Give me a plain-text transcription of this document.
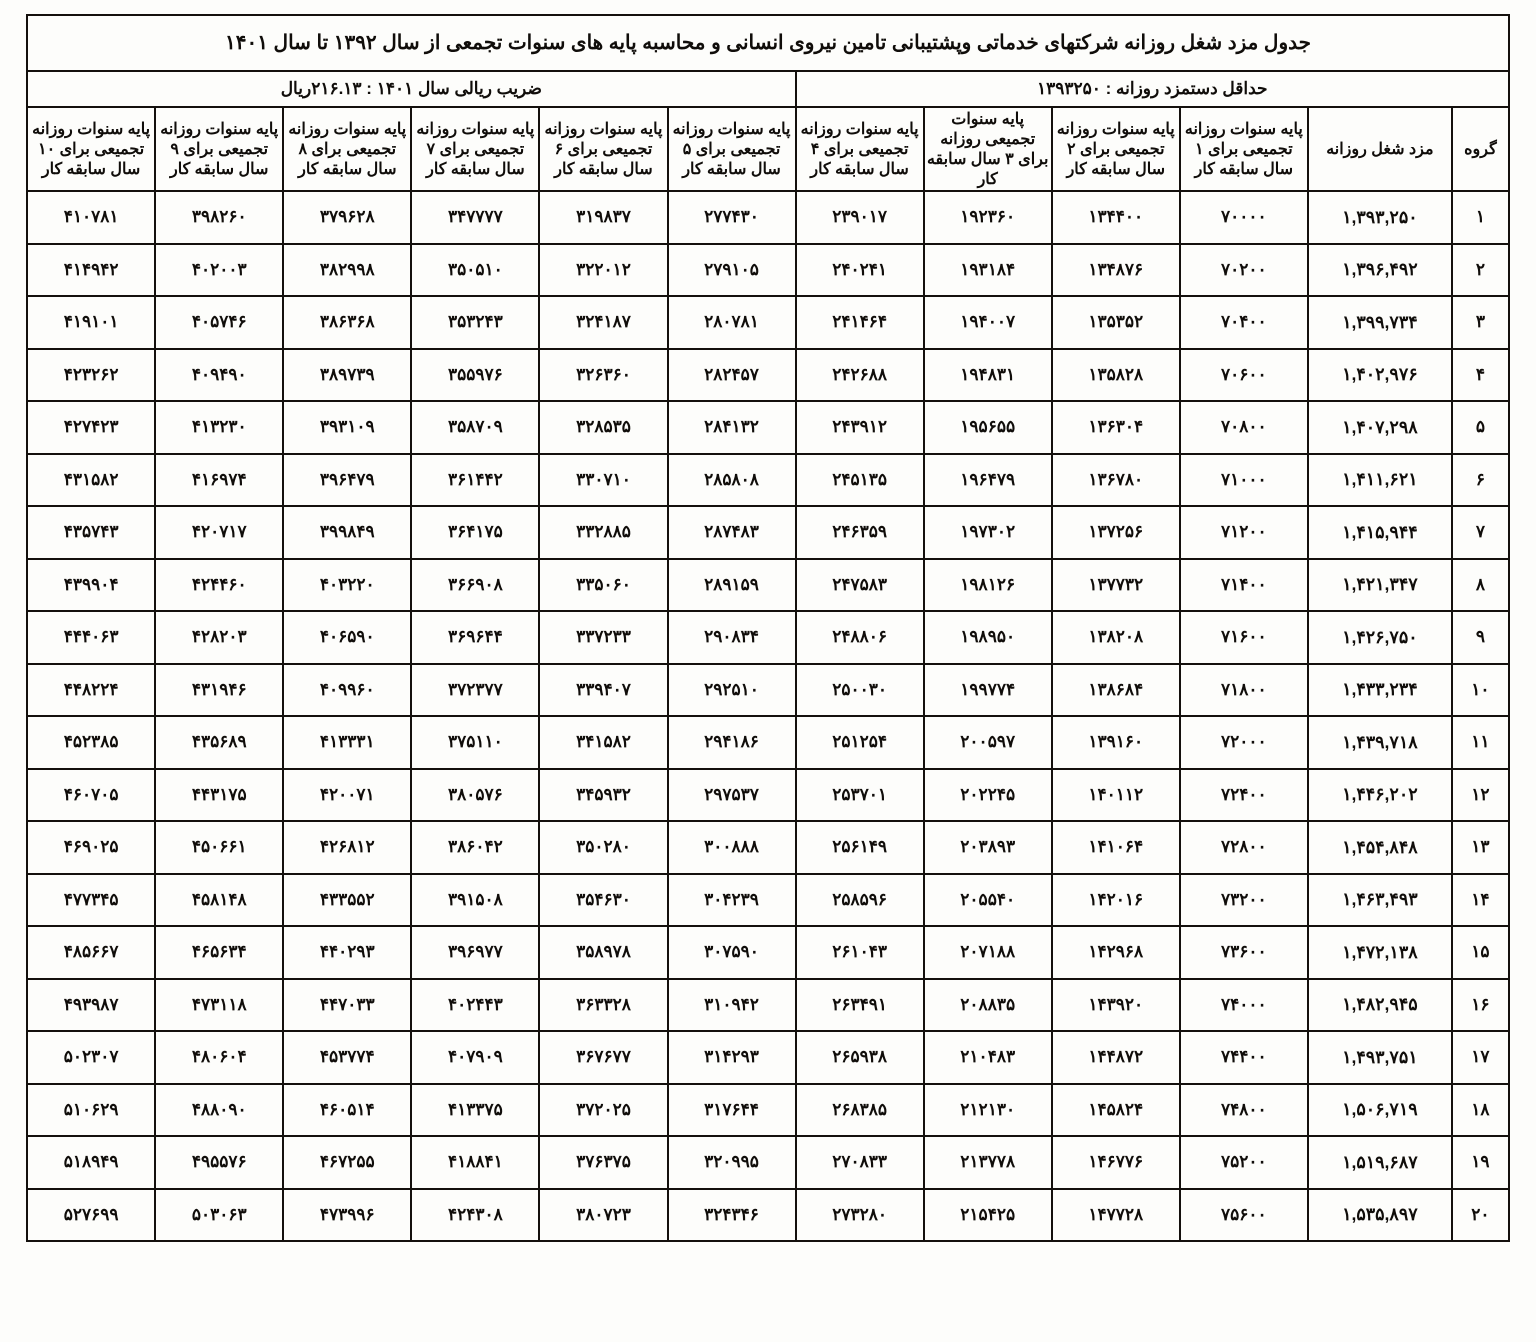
جدول مزد شغل روزانه شرکتهای خدماتی وپشتیبانی تامین نیروی انسانی و محاسبه پایه های سنوات تجمعی از سال ۱۳۹۲ تا سال ۱۴۰۱											
حداقل دستمزد روزانه : ۱۳۹۳۲۵۰						ضریب ریالی سال ۱۴۰۱ : ۲۱۶.۱۳ریال					
گروه	مزد شغل روزانه	پایه سنوات روزانه تجمیعی برای ۱ سال سابقه کار	پایه سنوات روزانه تجمیعی برای ۲ سال سابقه کار	پایه سنوات تجمیعی روزانه برای ۳ سال سابقه کار	پایه سنوات روزانه تجمیعی برای ۴ سال سابقه کار	پایه سنوات روزانه تجمیعی برای ۵ سال سابقه کار	پایه سنوات روزانه تجمیعی برای ۶ سال سابقه کار	پایه سنوات روزانه تجمیعی برای ۷ سال سابقه کار	پایه سنوات روزانه تجمیعی برای ۸ سال سابقه کار	پایه سنوات روزانه تجمیعی برای ۹ سال سابقه کار	پایه سنوات روزانه تجمیعی برای ۱۰ سال سابقه کار
۱	۱,۳۹۳,۲۵۰	۷۰۰۰۰	۱۳۴۴۰۰	۱۹۲۳۶۰	۲۳۹۰۱۷	۲۷۷۴۳۰	۳۱۹۸۳۷	۳۴۷۷۷۷	۳۷۹۶۲۸	۳۹۸۲۶۰	۴۱۰۷۸۱
۲	۱,۳۹۶,۴۹۲	۷۰۲۰۰	۱۳۴۸۷۶	۱۹۳۱۸۴	۲۴۰۲۴۱	۲۷۹۱۰۵	۳۲۲۰۱۲	۳۵۰۵۱۰	۳۸۲۹۹۸	۴۰۲۰۰۳	۴۱۴۹۴۲
۳	۱,۳۹۹,۷۳۴	۷۰۴۰۰	۱۳۵۳۵۲	۱۹۴۰۰۷	۲۴۱۴۶۴	۲۸۰۷۸۱	۳۲۴۱۸۷	۳۵۳۲۴۳	۳۸۶۳۶۸	۴۰۵۷۴۶	۴۱۹۱۰۱
۴	۱,۴۰۲,۹۷۶	۷۰۶۰۰	۱۳۵۸۲۸	۱۹۴۸۳۱	۲۴۲۶۸۸	۲۸۲۴۵۷	۳۲۶۳۶۰	۳۵۵۹۷۶	۳۸۹۷۳۹	۴۰۹۴۹۰	۴۲۳۲۶۲
۵	۱,۴۰۷,۲۹۸	۷۰۸۰۰	۱۳۶۳۰۴	۱۹۵۶۵۵	۲۴۳۹۱۲	۲۸۴۱۳۲	۳۲۸۵۳۵	۳۵۸۷۰۹	۳۹۳۱۰۹	۴۱۳۲۳۰	۴۲۷۴۲۳
۶	۱,۴۱۱,۶۲۱	۷۱۰۰۰	۱۳۶۷۸۰	۱۹۶۴۷۹	۲۴۵۱۳۵	۲۸۵۸۰۸	۳۳۰۷۱۰	۳۶۱۴۴۲	۳۹۶۴۷۹	۴۱۶۹۷۴	۴۳۱۵۸۲
۷	۱,۴۱۵,۹۴۴	۷۱۲۰۰	۱۳۷۲۵۶	۱۹۷۳۰۲	۲۴۶۳۵۹	۲۸۷۴۸۳	۳۳۲۸۸۵	۳۶۴۱۷۵	۳۹۹۸۴۹	۴۲۰۷۱۷	۴۳۵۷۴۳
۸	۱,۴۲۱,۳۴۷	۷۱۴۰۰	۱۳۷۷۳۲	۱۹۸۱۲۶	۲۴۷۵۸۳	۲۸۹۱۵۹	۳۳۵۰۶۰	۳۶۶۹۰۸	۴۰۳۲۲۰	۴۲۴۴۶۰	۴۳۹۹۰۴
۹	۱,۴۲۶,۷۵۰	۷۱۶۰۰	۱۳۸۲۰۸	۱۹۸۹۵۰	۲۴۸۸۰۶	۲۹۰۸۳۴	۳۳۷۲۳۳	۳۶۹۶۴۴	۴۰۶۵۹۰	۴۲۸۲۰۳	۴۴۴۰۶۳
۱۰	۱,۴۳۳,۲۳۴	۷۱۸۰۰	۱۳۸۶۸۴	۱۹۹۷۷۴	۲۵۰۰۳۰	۲۹۲۵۱۰	۳۳۹۴۰۷	۳۷۲۳۷۷	۴۰۹۹۶۰	۴۳۱۹۴۶	۴۴۸۲۲۴
۱۱	۱,۴۳۹,۷۱۸	۷۲۰۰۰	۱۳۹۱۶۰	۲۰۰۵۹۷	۲۵۱۲۵۴	۲۹۴۱۸۶	۳۴۱۵۸۲	۳۷۵۱۱۰	۴۱۳۳۳۱	۴۳۵۶۸۹	۴۵۲۳۸۵
۱۲	۱,۴۴۶,۲۰۲	۷۲۴۰۰	۱۴۰۱۱۲	۲۰۲۲۴۵	۲۵۳۷۰۱	۲۹۷۵۳۷	۳۴۵۹۳۲	۳۸۰۵۷۶	۴۲۰۰۷۱	۴۴۳۱۷۵	۴۶۰۷۰۵
۱۳	۱,۴۵۴,۸۴۸	۷۲۸۰۰	۱۴۱۰۶۴	۲۰۳۸۹۳	۲۵۶۱۴۹	۳۰۰۸۸۸	۳۵۰۲۸۰	۳۸۶۰۴۲	۴۲۶۸۱۲	۴۵۰۶۶۱	۴۶۹۰۲۵
۱۴	۱,۴۶۳,۴۹۳	۷۳۲۰۰	۱۴۲۰۱۶	۲۰۵۵۴۰	۲۵۸۵۹۶	۳۰۴۲۳۹	۳۵۴۶۳۰	۳۹۱۵۰۸	۴۳۳۵۵۲	۴۵۸۱۴۸	۴۷۷۳۴۵
۱۵	۱,۴۷۲,۱۳۸	۷۳۶۰۰	۱۴۲۹۶۸	۲۰۷۱۸۸	۲۶۱۰۴۳	۳۰۷۵۹۰	۳۵۸۹۷۸	۳۹۶۹۷۷	۴۴۰۲۹۳	۴۶۵۶۳۴	۴۸۵۶۶۷
۱۶	۱,۴۸۲,۹۴۵	۷۴۰۰۰	۱۴۳۹۲۰	۲۰۸۸۳۵	۲۶۳۴۹۱	۳۱۰۹۴۲	۳۶۳۳۲۸	۴۰۲۴۴۳	۴۴۷۰۳۳	۴۷۳۱۱۸	۴۹۳۹۸۷
۱۷	۱,۴۹۳,۷۵۱	۷۴۴۰۰	۱۴۴۸۷۲	۲۱۰۴۸۳	۲۶۵۹۳۸	۳۱۴۲۹۳	۳۶۷۶۷۷	۴۰۷۹۰۹	۴۵۳۷۷۴	۴۸۰۶۰۴	۵۰۲۳۰۷
۱۸	۱,۵۰۶,۷۱۹	۷۴۸۰۰	۱۴۵۸۲۴	۲۱۲۱۳۰	۲۶۸۳۸۵	۳۱۷۶۴۴	۳۷۲۰۲۵	۴۱۳۳۷۵	۴۶۰۵۱۴	۴۸۸۰۹۰	۵۱۰۶۲۹
۱۹	۱,۵۱۹,۶۸۷	۷۵۲۰۰	۱۴۶۷۷۶	۲۱۳۷۷۸	۲۷۰۸۳۳	۳۲۰۹۹۵	۳۷۶۳۷۵	۴۱۸۸۴۱	۴۶۷۲۵۵	۴۹۵۵۷۶	۵۱۸۹۴۹
۲۰	۱,۵۳۵,۸۹۷	۷۵۶۰۰	۱۴۷۷۲۸	۲۱۵۴۲۵	۲۷۳۲۸۰	۳۲۴۳۴۶	۳۸۰۷۲۳	۴۲۴۳۰۸	۴۷۳۹۹۶	۵۰۳۰۶۳	۵۲۷۶۹۹
